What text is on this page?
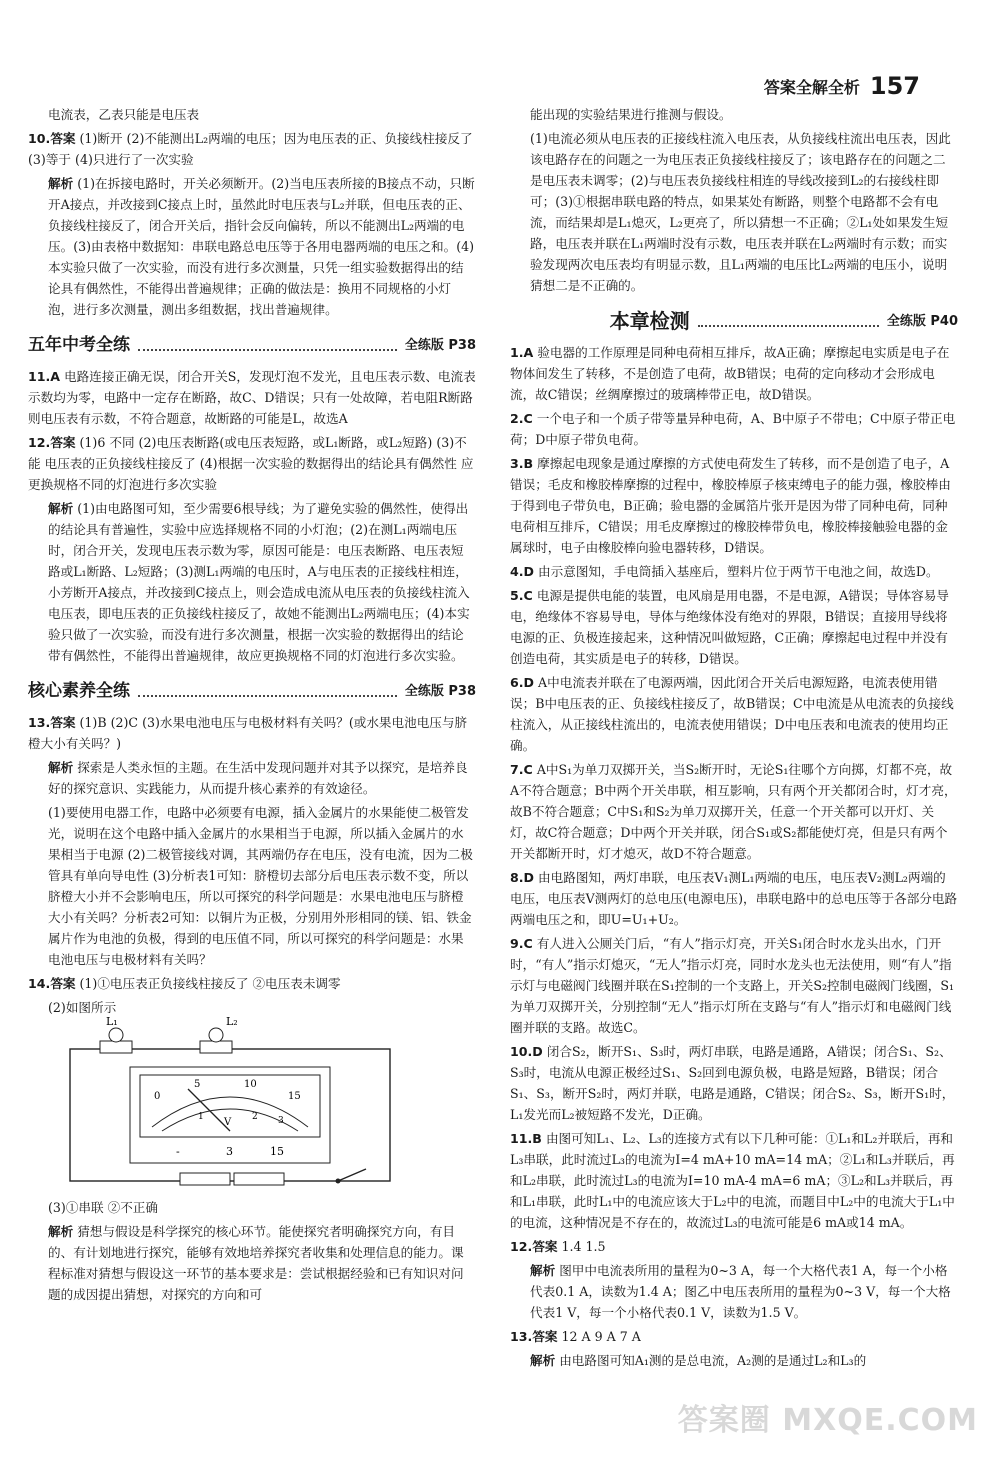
答案全解全析 157
电流表，乙表只能是电压表
10.答案 (1)断开 (2)不能测出L₂两端的电压；因为电压表的正、负接线柱接反了 (3)等于 (4)只进行了一次实验
解析 (1)在拆接电路时，开关必须断开。(2)当电压表所接的B接点不动，只断开A接点，并改接到C接点上时，虽然此时电压表与L₂并联，但电压表的正、负接线柱接反了，闭合开关后，指针会反向偏转，所以不能测出L₂两端的电压。(3)由表格中数据知：串联电路总电压等于各用电器两端的电压之和。(4)本实验只做了一次实验，而没有进行多次测量，只凭一组实验数据得出的结论具有偶然性，不能得出普遍规律；正确的做法是：换用不同规格的小灯泡，进行多次测量，测出多组数据，找出普遍规律。
五年中考全练	全练版 P38
11.A 电路连接正确无误，闭合开关S，发现灯泡不发光，且电压表示数、电流表示数均为零，电路中一定存在断路，故C、D错误；只有一处故障，若电阻R断路则电压表有示数，不符合题意，故断路的可能是L，故选A
12.答案 (1)6 不同 (2)电压表断路(或电压表短路，或L₁断路，或L₂短路) (3)不能 电压表的正负接线柱接反了 (4)根据一次实验的数据得出的结论具有偶然性 应更换规格不同的灯泡进行多次实验
解析 (1)由电路图可知，至少需要6根导线；为了避免实验的偶然性，使得出的结论具有普遍性，实验中应选择规格不同的小灯泡；(2)在测L₁两端电压时，闭合开关，发现电压表示数为零，原因可能是：电压表断路、电压表短路或L₁断路、L₂短路；(3)测L₁两端的电压时，A与电压表的正接线柱相连，小芳断开A接点，并改接到C接点上，则会造成电流从电压表的负接线柱流入电压表，即电压表的正负接线柱接反了，故她不能测出L₂两端电压；(4)本实验只做了一次实验，而没有进行多次测量，根据一次实验的数据得出的结论带有偶然性，不能得出普遍规律，故应更换规格不同的灯泡进行多次实验。
核心素养全练	全练版 P38
13.答案 (1)B (2)C (3)水果电池电压与电极材料有关吗？(或水果电池电压与脐橙大小有关吗？)
解析 探索是人类永恒的主题。在生活中发现问题并对其予以探究，是培养良好的探究意识、实践能力，从而提升核心素养的有效途径。
(1)要使用电器工作，电路中必须要有电源，插入金属片的水果能使二极管发光，说明在这个电路中插入金属片的水果相当于电源，所以插入金属片的水果相当于电源 (2)二极管接线对调，其两端仍存在电压，没有电流，因为二极管具有单向导电性 (3)分析表1可知：脐橙切去部分后电压表示数不变，所以脐橙大小并不会影响电压，所以可探究的科学问题是：水果电池电压与脐橙大小有关吗？分析表2可知：以铜片为正极，分别用外形相同的镁、铝、铁金属片作为电池的负极，得到的电压值不同，所以可探究的科学问题是：水果电池电压与电极材料有关吗？
14.答案 (1)①电压表正负接线柱接反了 ②电压表未调零
(2)如图所示
L₁	L₂
0
5	10
15
1	2 3
V
-	3	15
(3)①串联 ②不正确
解析 猜想与假设是科学探究的核心环节。能使探究者明确探究方向，有目的、有计划地进行探究，能够有效地培养探究者收集和处理信息的能力。课程标准对猜想与假设这一环节的基本要求是：尝试根据经验和已有知识对问题的成因提出猜想，对探究的方向和可
能出现的实验结果进行推测与假设。
(1)电流必须从电压表的正接线柱流入电压表，从负接线柱流出电压表，因此该电路存在的问题之一为电压表正负接线柱接反了；该电路存在的问题之二是电压表未调零；(2)与电压表负接线柱相连的导线改接到L₂的右接线柱即可；(3)①根据串联电路的特点，如果某处有断路，则整个电路都不会有电流，而结果却是L₁熄灭，L₂更亮了，所以猜想一不正确；②L₁处如果发生短路，电压表并联在L₁两端时没有示数，电压表并联在L₂两端时有示数；而实验发现两次电压表均有明显示数，且L₁两端的电压比L₂两端的电压小，说明猜想二是不正确的。
本章检测	全练版 P40
1.A 验电器的工作原理是同种电荷相互排斥，故A正确；摩擦起电实质是电子在物体间发生了转移，不是创造了电荷，故B错误；电荷的定向移动才会形成电流，故C错误；丝绸摩擦过的玻璃棒带正电，故D错误。
2.C 一个电子和一个质子带等量异种电荷，A、B中原子不带电；C中原子带正电荷；D中原子带负电荷。
3.B 摩擦起电现象是通过摩擦的方式使电荷发生了转移，而不是创造了电子，A错误；毛皮和橡胶棒摩擦的过程中，橡胶棒原子核束缚电子的能力强，橡胶棒由于得到电子带负电，B正确；验电器的金属箔片张开是因为带了同种电荷，同种电荷相互排斥，C错误；用毛皮摩擦过的橡胶棒带负电，橡胶棒接触验电器的金属球时，电子由橡胶棒向验电器转移，D错误。
4.D 由示意图知，手电筒插入基座后，塑料片位于两节干电池之间，故选D。
5.C 电源是提供电能的装置，电风扇是用电器，不是电源，A错误；导体容易导电，绝缘体不容易导电，导体与绝缘体没有绝对的界限，B错误；直接用导线将电源的正、负极连接起来，这种情况叫做短路，C正确；摩擦起电过程中并没有创造电荷，其实质是电子的转移，D错误。
6.D A中电流表并联在了电源两端，因此闭合开关后电源短路，电流表使用错误；B中电压表的正、负接线柱接反了，故B错误；C中电流是从电流表的负接线柱流入，从正接线柱流出的，电流表使用错误；D中电压表和电流表的使用均正确。
7.C A中S₁为单刀双掷开关，当S₂断开时，无论S₁往哪个方向掷，灯都不亮，故A不符合题意；B中两个开关串联，相互影响，只有两个开关都闭合时，灯才亮，故B不符合题意；C中S₁和S₂为单刀双掷开关，任意一个开关都可以开灯、关灯，故C符合题意；D中两个开关并联，闭合S₁或S₂都能使灯亮，但是只有两个开关都断开时，灯才熄灭，故D不符合题意。
8.D 由电路图知，两灯串联，电压表V₁测L₁两端的电压，电压表V₂测L₂两端的电压，电压表V测两灯的总电压(电源电压)，串联电路中的总电压等于各部分电路两端电压之和，即U=U₁+U₂。
9.C 有人进入公厕关门后，“有人”指示灯亮，开关S₁闭合时水龙头出水，门开时，“有人”指示灯熄灭，“无人”指示灯亮，同时水龙头也无法使用，则“有人”指示灯与电磁阀门线圈并联在S₁控制的一个支路上，开关S₂控制电磁阀门线圈，S₁为单刀双掷开关，分别控制“无人”指示灯所在支路与“有人”指示灯和电磁阀门线圈并联的支路。故选C。
10.D 闭合S₂，断开S₁、S₃时，两灯串联，电路是通路，A错误；闭合S₁、S₂、S₃时，电流从电源正极经过S₁、S₂回到电源负极，电路是短路，B错误；闭合S₁、S₃，断开S₂时，两灯并联，电路是通路，C错误；闭合S₂、S₃，断开S₁时，L₁发光而L₂被短路不发光，D正确。
11.B 由图可知L₁、L₂、L₃的连接方式有以下几种可能：①L₁和L₂并联后，再和L₃串联，此时流过L₃的电流为I=4 mA+10 mA=14 mA；②L₁和L₃并联后，再和L₂串联，此时流过L₃的电流为I=10 mA-4 mA=6 mA；③L₂和L₃并联后，再和L₁串联，此时L₁中的电流应该大于L₂中的电流，而题目中L₂中的电流大于L₁中的电流，这种情况是不存在的，故流过L₃的电流可能是6 mA或14 mA。
12.答案 1.4 1.5
解析 图甲中电流表所用的量程为0~3 A，每一个大格代表1 A，每一个小格代表0.1 A，读数为1.4 A；图乙中电压表所用的量程为0~3 V，每一个大格代表1 V，每一个小格代表0.1 V，读数为1.5 V。
13.答案 12 A 9 A 7 A
解析 由电路图可知A₁测的是总电流，A₂测的是通过L₂和L₃的
答案圈 MXQE.COM
